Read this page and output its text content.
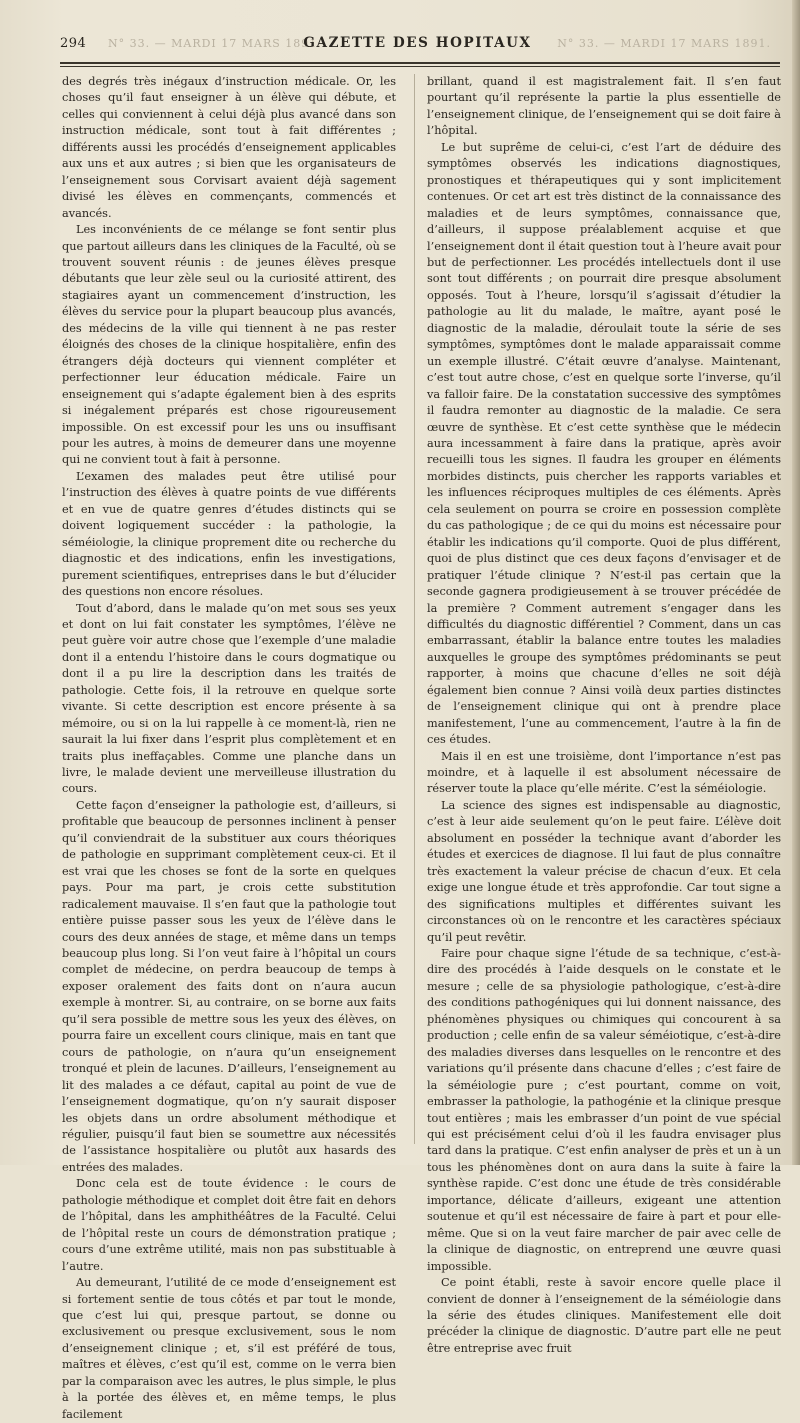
294 N° 33. — MARDI 17 MARS 1891.
GAZETTE DES HOPITAUX	N° 33. — MARDI 17 MARS 1891.

des degrés très inégaux d’instruction médicale. Or, les choses qu’il faut enseigner à un élève qui débute, et celles qui conviennent à celui déjà plus avancé dans son instruction médicale, sont tout à fait différentes ; différents aussi les procédés d’enseignement applicables aux uns et aux autres ; si bien que les organisateurs de l’enseignement sous Corvisart avaient déjà sagement divisé les élèves en commençants, commencés et avancés.

Les inconvénients de ce mélange se font sentir plus que partout ailleurs dans les cliniques de la Faculté, où se trouvent souvent réunis : de jeunes élèves presque débutants que leur zèle seul ou la curiosité attirent, des stagiaires ayant un commencement d’instruction, les élèves du service pour la plupart beaucoup plus avancés, des médecins de la ville qui tiennent à ne pas rester éloignés des choses de la clinique hospitalière, enfin des étrangers déjà docteurs qui viennent compléter et perfectionner leur éducation médicale. Faire un enseignement qui s’adapte également bien à des esprits si inégalement préparés est chose rigoureusement impossible. On est excessif pour les uns ou insuffisant pour les autres, à moins de demeurer dans une moyenne qui ne convient tout à fait à personne.

L’examen des malades peut être utilisé pour l’instruction des élèves à quatre points de vue différents et en vue de quatre genres d’études distincts qui se doivent logiquement succéder : la pathologie, la séméiologie, la clinique proprement dite ou recherche du diagnostic et des indications, enfin les investigations, purement scientifiques, entreprises dans le but d’élucider des questions non encore résolues.

Tout d’abord, dans le malade qu’on met sous ses yeux et dont on lui fait constater les symptômes, l’élève ne peut guère voir autre chose que l’exemple d’une maladie dont il a entendu l’histoire dans le cours dogmatique ou dont il a pu lire la description dans les traités de pathologie. Cette fois, il la retrouve en quelque sorte vivante. Si cette description est encore présente à sa mémoire, ou si on la lui rappelle à ce moment-là, rien ne saurait la lui fixer dans l’esprit plus complètement et en traits plus ineffaçables. Comme une planche dans un livre, le malade devient une merveilleuse illustration du cours.

Cette façon d’enseigner la pathologie est, d’ailleurs, si profitable que beaucoup de personnes inclinent à penser qu’il conviendrait de la substituer aux cours théoriques de pathologie en supprimant complètement ceux-ci. Et il est vrai que les choses se font de la sorte en quelques pays. Pour ma part, je crois cette substitution radicalement mauvaise. Il s’en faut que la pathologie tout entière puisse passer sous les yeux de l’élève dans le cours des deux années de stage, et même dans un temps beaucoup plus long. Si l’on veut faire à l’hôpital un cours complet de médecine, on perdra beaucoup de temps à exposer oralement des faits dont on n’aura aucun exemple à montrer. Si, au contraire, on se borne aux faits qu’il sera possible de mettre sous les yeux des élèves, on pourra faire un excellent cours clinique, mais en tant que cours de pathologie, on n’aura qu’un enseignement tronqué et plein de lacunes. D’ailleurs, l’enseignement au lit des malades a ce défaut, capital au point de vue de l’enseignement dogmatique, qu’on n’y saurait disposer les objets dans un ordre absolument méthodique et régulier, puisqu’il faut bien se soumettre aux nécessités de l’assistance hospitalière ou plutôt aux hasards des entrées des malades.

Donc cela est de toute évidence : le cours de pathologie méthodique et complet doit être fait en dehors de l’hôpital, dans les amphithéâtres de la Faculté. Celui de l’hôpital reste un cours de démonstration pratique ; cours d’une extrême utilité, mais non pas substituable à l’autre.

Au demeurant, l’utilité de ce mode d’enseignement est si fortement sentie de tous côtés et par tout le monde, que c’est lui qui, presque partout, se donne ou exclusivement ou presque exclusivement, sous le nom d’enseignement clinique ; et, s’il est préféré de tous, maîtres et élèves, c’est qu’il est, comme on le verra bien par la comparaison avec les autres, le plus simple, le plus à la portée des élèves et, en même temps, le plus facilement

brillant, quand il est magistralement fait. Il s’en faut pourtant qu’il représente la partie la plus essentielle de l’enseignement clinique, de l’enseignement qui se doit faire à l’hôpital.

Le but suprême de celui-ci, c’est l’art de déduire des symptômes observés les indications diagnostiques, pronostiques et thérapeutiques qui y sont implicitement contenues. Or cet art est très distinct de la connaissance des maladies et de leurs symptômes, connaissance que, d’ailleurs, il suppose préalablement acquise et que l’enseignement dont il était question tout à l’heure avait pour but de perfectionner. Les procédés intellectuels dont il use sont tout différents ; on pourrait dire presque absolument opposés. Tout à l’heure, lorsqu’il s’agissait d’étudier la pathologie au lit du malade, le maître, ayant posé le diagnostic de la maladie, déroulait toute la série de ses symptômes, symptômes dont le malade apparaissait comme un exemple illustré. C’était œuvre d’analyse. Maintenant, c’est tout autre chose, c’est en quelque sorte l’inverse, qu’il va falloir faire. De la constatation successive des symptômes il faudra remonter au diagnostic de la maladie. Ce sera œuvre de synthèse. Et c’est cette synthèse que le médecin aura incessamment à faire dans la pratique, après avoir recueilli tous les signes. Il faudra les grouper en éléments morbides distincts, puis chercher les rapports variables et les influences réciproques multiples de ces éléments. Après cela seulement on pourra se croire en possession complète du cas pathologique ; de ce qui du moins est nécessaire pour établir les indications qu’il comporte. Quoi de plus différent, quoi de plus distinct que ces deux façons d’envisager et de pratiquer l’étude clinique ? N’est-il pas certain que la seconde gagnera prodigieusement à se trouver précédée de la première ? Comment autrement s’engager dans les difficultés du diagnostic différentiel ? Comment, dans un cas embarrassant, établir la balance entre toutes les maladies auxquelles le groupe des symptômes prédominants se peut rapporter, à moins que chacune d’elles ne soit déjà également bien connue ? Ainsi voilà deux parties distinctes de l’enseignement clinique qui ont à prendre place manifestement, l’une au commencement, l’autre à la fin de ces études.

Mais il en est une troisième, dont l’importance n’est pas moindre, et à laquelle il est absolument nécessaire de réserver toute la place qu’elle mérite. C’est la séméiologie.

La science des signes est indispensable au diagnostic, c’est à leur aide seulement qu’on le peut faire. L’élève doit absolument en posséder la technique avant d’aborder les études et exercices de diagnose. Il lui faut de plus connaître très exactement la valeur précise de chacun d’eux. Et cela exige une longue étude et très approfondie. Car tout signe a des significations multiples et différentes suivant les circonstances où on le rencontre et les caractères spéciaux qu’il peut revêtir.

Faire pour chaque signe l’étude de sa technique, c’est-à-dire des procédés à l’aide desquels on le constate et le mesure ; celle de sa physiologie pathologique, c’est-à-dire des conditions pathogéniques qui lui donnent naissance, des phénomènes physiques ou chimiques qui concourent à sa production ; celle enfin de sa valeur séméiotique, c’est-à-dire des maladies diverses dans lesquelles on le rencontre et des variations qu’il présente dans chacune d’elles ; c’est faire de la séméiologie pure ; c’est pourtant, comme on voit, embrasser la pathologie, la pathogénie et la clinique presque tout entières ; mais les embrasser d’un point de vue spécial qui est précisément celui d’où il les faudra envisager plus tard dans la pratique. C’est enfin analyser de près et un à un tous les phénomènes dont on aura dans la suite à faire la synthèse rapide. C’est donc une étude de très considérable importance, délicate d’ailleurs, exigeant une attention soutenue et qu’il est nécessaire de faire à part et pour elle-même. Que si on la veut faire marcher de pair avec celle de la clinique de diagnostic, on entreprend une œuvre quasi impossible.

Ce point établi, reste à savoir encore quelle place il convient de donner à l’enseignement de la séméiologie dans la série des études cliniques. Manifestement elle doit précéder la clinique de diagnostic. D’autre part elle ne peut être entreprise avec fruit
